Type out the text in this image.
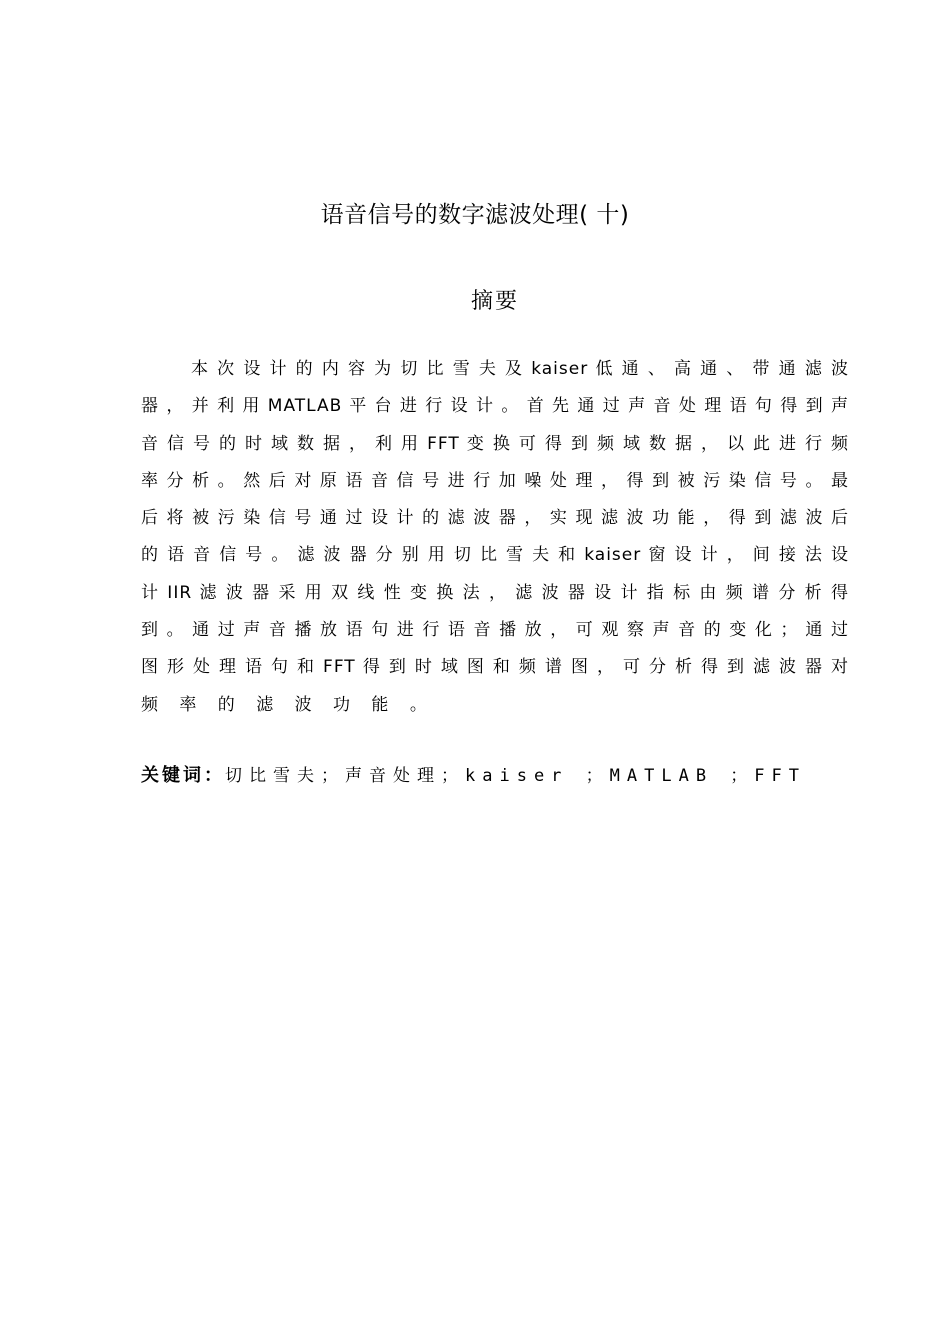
语音信号的数字滤波处理( 十)
摘要
本 次 设 计 的 内 容 为 切 比 雪 夫 及 kaiser 低 通 、 高 通 、 带 通 滤 波
器 ， 并 利 用 MATLAB 平 台 进 行 设 计 。 首 先 通 过 声 音 处 理 语 句 得 到 声
音 信 号 的 时 域 数 据 ， 利 用 FFT 变 换 可 得 到 频 域 数 据 ， 以 此 进 行 频
率 分 析 。 然 后 对 原 语 音 信 号 进 行 加 噪 处 理 ， 得 到 被 污 染 信 号 。 最
后 将 被 污 染 信 号 通 过 设 计 的 滤 波 器 ， 实 现 滤 波 功 能 ， 得 到 滤 波 后
的 语 音 信 号 。 滤 波 器 分 别 用 切 比 雪 夫 和 kaiser 窗 设 计 ， 间 接 法 设
计 IIR 滤 波 器 采 用 双 线 性 变 换 法 ， 滤 波 器 设 计 指 标 由 频 谱 分 析 得
到 。 通 过 声 音 播 放 语 句 进 行 语 音 播 放 ， 可 观 察 声 音 的 变 化 ； 通 过
图 形 处 理 语 句 和 FFT 得 到 时 域 图 和 频 谱 图 ， 可 分 析 得 到 滤 波 器 对
频 率 的 滤 波 功 能 。
关键词：切比雪夫；声音处理；kaiser ；MATLAB ；FFT
